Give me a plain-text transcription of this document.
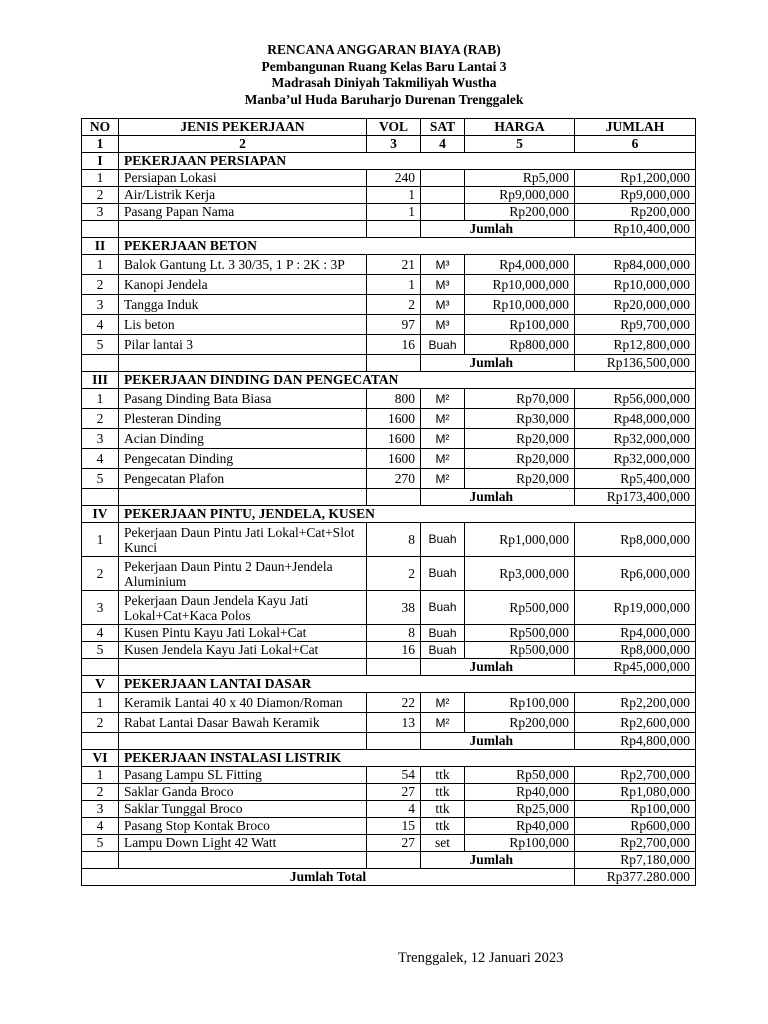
RENCANA ANGGARAN BIAYA (RAB)
Pembangunan Ruang Kelas Baru Lantai 3
Madrasah Diniyah Takmiliyah Wustha
Manba’ul Huda Baruharjo Durenan Trenggalek
NO	JENIS PEKERJAAN	VOL	SAT	HARGA	JUMLAH
1	2	3	4	5	6
I	PEKERJAAN PERSIAPAN				
1	Persiapan Lokasi	240		Rp5,000	Rp1,200,000
2	Air/Listrik Kerja	1		Rp9,000,000	Rp9,000,000
3	Pasang Papan Nama	1		Rp200,000	Rp200,000
				Jumlah	Rp10,400,000
II	PEKERJAAN BETON				
1	Balok Gantung Lt. 3 30/35, 1 P : 2K : 3P	21	M³	Rp4,000,000	Rp84,000,000
2	Kanopi Jendela	1	M³	Rp10,000,000	Rp10,000,000
3	Tangga Induk	2	M³	Rp10,000,000	Rp20,000,000
4	Lis beton	97	M³	Rp100,000	Rp9,700,000
5	Pilar lantai 3	16	Buah	Rp800,000	Rp12,800,000
				Jumlah	Rp136,500,000
III	PEKERJAAN DINDING DAN PENGECATAN				
1	Pasang Dinding Bata Biasa	800	M²	Rp70,000	Rp56,000,000
2	Plesteran Dinding	1600	M²	Rp30,000	Rp48,000,000
3	Acian Dinding	1600	M²	Rp20,000	Rp32,000,000
4	Pengecatan Dinding	1600	M²	Rp20,000	Rp32,000,000
5	Pengecatan Plafon	270	M²	Rp20,000	Rp5,400,000
				Jumlah	Rp173,400,000
IV	PEKERJAAN PINTU, JENDELA, KUSEN				
1	Pekerjaan Daun Pintu Jati Lokal+Cat+Slot Kunci	8	Buah	Rp1,000,000	Rp8,000,000
2	Pekerjaan Daun Pintu 2 Daun+Jendela Aluminium	2	Buah	Rp3,000,000	Rp6,000,000
3	Pekerjaan Daun Jendela Kayu Jati Lokal+Cat+Kaca Polos	38	Buah	Rp500,000	Rp19,000,000
4	Kusen Pintu Kayu Jati Lokal+Cat	8	Buah	Rp500,000	Rp4,000,000
5	Kusen Jendela Kayu Jati Lokal+Cat	16	Buah	Rp500,000	Rp8,000,000
				Jumlah	Rp45,000,000
V	PEKERJAAN LANTAI DASAR				
1	Keramik Lantai 40 x 40 Diamon/Roman	22	M²	Rp100,000	Rp2,200,000
2	Rabat Lantai Dasar Bawah Keramik	13	M²	Rp200,000	Rp2,600,000
				Jumlah	Rp4,800,000
VI	PEKERJAAN INSTALASI LISTRIK				
1	Pasang Lampu SL Fitting	54	ttk	Rp50,000	Rp2,700,000
2	Saklar Ganda Broco	27	ttk	Rp40,000	Rp1,080,000
3	Saklar Tunggal Broco	4	ttk	Rp25,000	Rp100,000
4	Pasang Stop Kontak Broco	15	ttk	Rp40,000	Rp600,000
5	Lampu Down Light 42 Watt	27	set	Rp100,000	Rp2,700,000
				Jumlah	Rp7,180,000
Jumlah Total					Rp377.280.000
Trenggalek, 12 Januari 2023
